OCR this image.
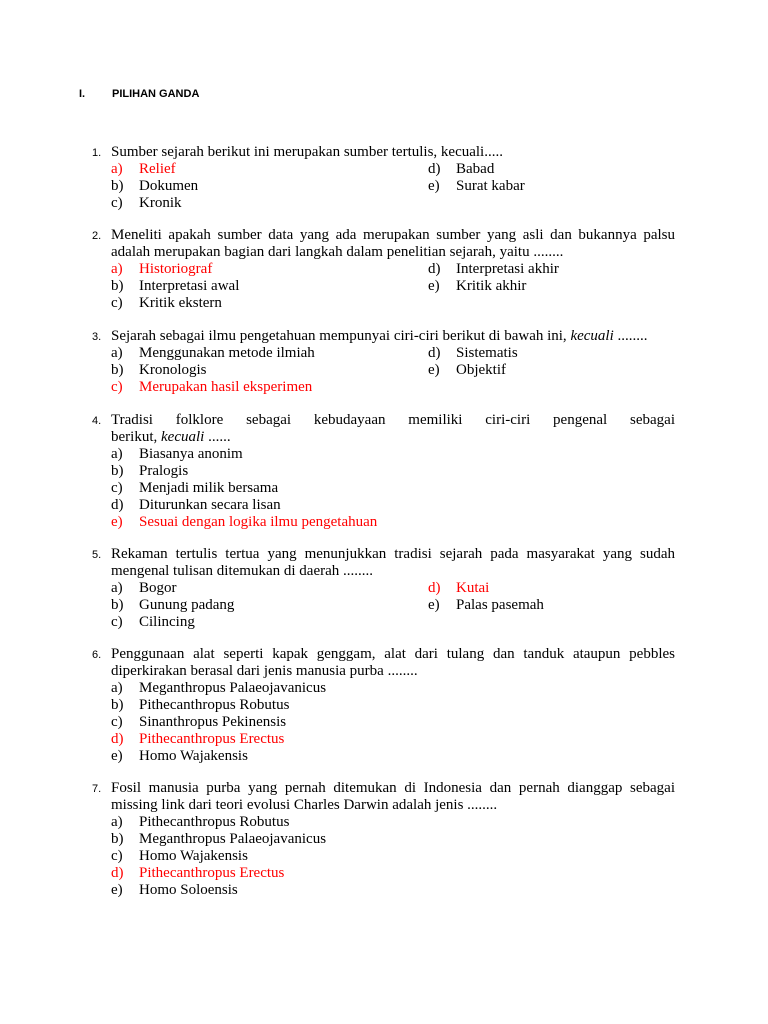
I. PILIHAN GANDA
1. Sumber sejarah berikut ini merupakan sumber tertulis, kecuali.....
a) Relief
b) Dokumen
c) Kronik
d) Babad
e) Surat kabar
2. Meneliti apakah sumber data yang ada merupakan sumber yang asli dan bukannya palsu
adalah merupakan bagian dari langkah dalam penelitian sejarah, yaitu ........
a) Historiograf
b) Interpretasi awal
c) Kritik ekstern
d) Interpretasi akhir
e) Kritik akhir
3. Sejarah sebagai ilmu pengetahuan mempunyai ciri-ciri berikut di bawah ini, kecuali ........
a) Menggunakan metode ilmiah
b) Kronologis
c) Merupakan hasil eksperimen
d) Sistematis
e) Objektif
4. Tradisi folklore sebagai kebudayaan memiliki ciri-ciri pengenal sebagai
berikut, kecuali ......
a) Biasanya anonim
b) Pralogis
c) Menjadi milik bersama
d) Diturunkan secara lisan
e) Sesuai dengan logika ilmu pengetahuan
5. Rekaman tertulis tertua yang menunjukkan tradisi sejarah pada masyarakat yang sudah
mengenal tulisan ditemukan di daerah ........
a) Bogor
b) Gunung padang
c) Cilincing
d) Kutai
e) Palas pasemah
6. Penggunaan alat seperti kapak genggam, alat dari tulang dan tanduk ataupun pebbles
diperkirakan berasal dari jenis manusia purba ........
a) Meganthropus Palaeojavanicus
b) Pithecanthropus Robutus
c) Sinanthropus Pekinensis
d) Pithecanthropus Erectus
e) Homo Wajakensis
7. Fosil manusia purba yang pernah ditemukan di Indonesia dan pernah dianggap sebagai
missing link dari teori evolusi Charles Darwin adalah jenis ........
a) Pithecanthropus Robutus
b) Meganthropus Palaeojavanicus
c) Homo Wajakensis
d) Pithecanthropus Erectus
e) Homo Soloensis
